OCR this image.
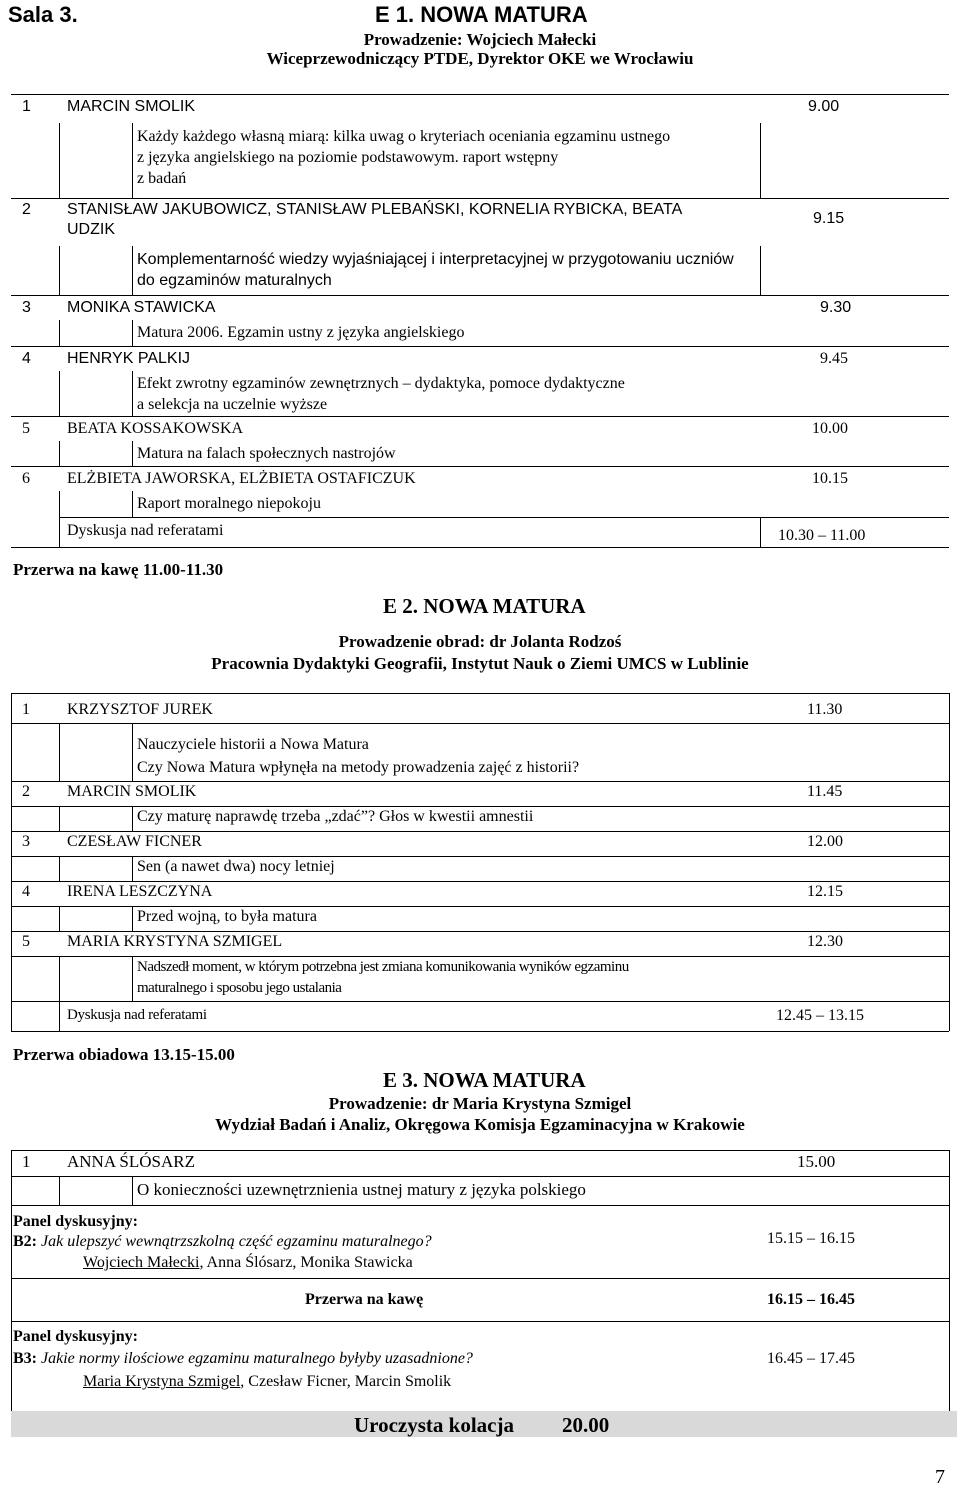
Sala 3.	E 1. NOWA MATURA
Prowadzenie: Wojciech Małecki
Wiceprzewodniczący PTDE, Dyrektor OKE we Wrocławiu
1 MARCIN SMOLIK	9.00
Każdy każdego własną miarą: kilka uwag o kryteriach oceniania egzaminu ustnego
z języka angielskiego na poziomie podstawowym. raport wstępny
z badań
2 STANISŁAW JAKUBOWICZ, STANISŁAW PLEBAŃSKI, KORNELIA RYBICKA, BEATA
UDZIK
9.15
Komplementarność wiedzy wyjaśniającej i interpretacyjnej w przygotowaniu uczniów
do egzaminów maturalnych
3 MONIKA STAWICKA	9.30
Matura 2006. Egzamin ustny z języka angielskiego
4 HENRYK PALKIJ	9.45
Efekt zwrotny egzaminów zewnętrznych – dydaktyka, pomoce dydaktyczne
a selekcja na uczelnie wyższe
5 BEATA KOSSAKOWSKA	10.00
Matura na falach społecznych nastrojów
6 ELŻBIETA JAWORSKA, ELŻBIETA OSTAFICZUK	10.15
Raport moralnego niepokoju
Dyskusja nad referatami	10.30 – 11.00
Przerwa na kawę 11.00-11.30
E 2. NOWA MATURA
Prowadzenie obrad: dr Jolanta Rodzoś
Pracownia Dydaktyki Geografii, Instytut Nauk o Ziemi UMCS w Lublinie
1 KRZYSZTOF JUREK	11.30
Nauczyciele historii a Nowa Matura
Czy Nowa Matura wpłynęła na metody prowadzenia zajęć z historii?
2 MARCIN SMOLIK	11.45
Czy maturę naprawdę trzeba „zdać”? Głos w kwestii amnestii
3 CZESŁAW FICNER	12.00
Sen (a nawet dwa) nocy letniej
4 IRENA LESZCZYNA	12.15
Przed wojną, to była matura
5 MARIA KRYSTYNA SZMIGEL	12.30
Nadszedł moment, w którym potrzebna jest zmiana komunikowania wyników egzaminu
maturalnego i sposobu jego ustalania
Dyskusja nad referatami	12.45 – 13.15
Przerwa obiadowa 13.15-15.00
E 3. NOWA MATURA
Prowadzenie: dr Maria Krystyna Szmigel
Wydział Badań i Analiz, Okręgowa Komisja Egzaminacyjna w Krakowie
1 ANNA ŚLÓSARZ	15.00
O konieczności uzewnętrznienia ustnej matury z języka polskiego
Panel dyskusyjny:
B2: Jak ulepszyć wewnątrzszkolną część egzaminu maturalnego?
Wojciech Małecki, Anna Ślósarz, Monika Stawicka
15.15 – 16.15
Przerwa na kawę	16.15 – 16.45
Panel dyskusyjny:
B3: Jakie normy ilościowe egzaminu maturalnego byłyby uzasadnione?
Maria Krystyna Szmigel, Czesław Ficner, Marcin Smolik
16.45 – 17.45
Uroczysta kolacja 20.00
7
